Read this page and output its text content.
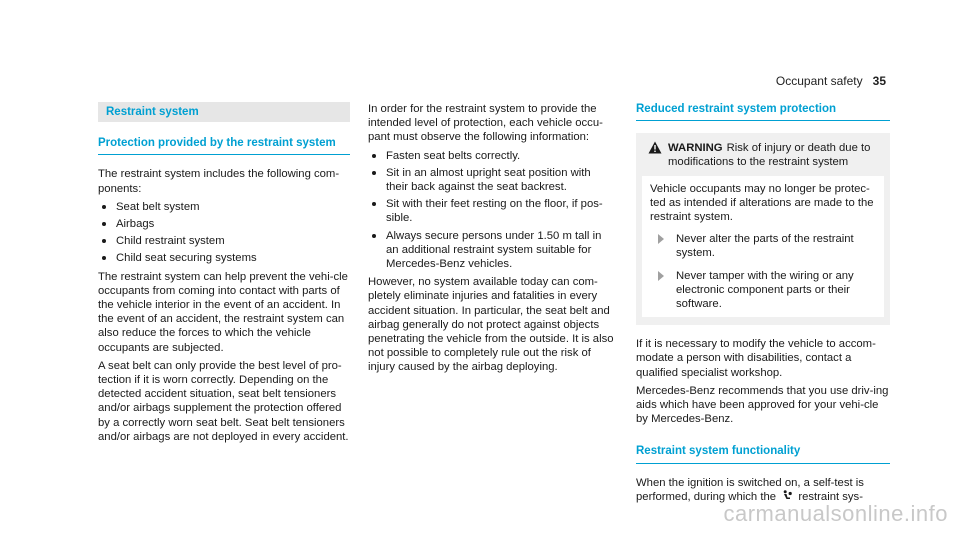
Occupant safety 35
Restraint system
Protection provided by the restraint system

The restraint system includes the following com-ponents:

Seat belt system
Airbags
Child restraint system
Child seat securing systems

The restraint system can help prevent the vehi-cle occupants from coming into contact with parts of the vehicle interior in the event of an accident. In the event of an accident, the restraint system can also reduce the forces to which the vehicle occupants are subjected.

A seat belt can only provide the best level of pro-tection if it is worn correctly. Depending on the detected accident situation, seat belt tensioners and/or airbags supplement the protection offered by a correctly worn seat belt. Seat belt tensioners and/or airbags are not deployed in every accident.

In order for the restraint system to provide the intended level of protection, each vehicle occu-pant must observe the following information:

Fasten seat belts correctly.
Sit in an almost upright seat position with their back against the seat backrest.
Sit with their feet resting on the floor, if pos-sible.
Always secure persons under 1.50 m tall in an additional restraint system suitable for Mercedes-Benz vehicles.

However, no system available today can com-pletely eliminate injuries and fatalities in every accident situation. In particular, the seat belt and airbag generally do not protect against objects penetrating the vehicle from the outside. It is also not possible to completely rule out the risk of injury caused by the airbag deploying.

Reduced restraint system protection
WARNING Risk of injury or death due to modifications to the restraint system

Vehicle occupants may no longer be protec-ted as intended if alterations are made to the restraint system.

Never alter the parts of the restraint system.
Never tamper with the wiring or any electronic component parts or their software.

If it is necessary to modify the vehicle to accom-modate a person with disabilities, contact a qualified specialist workshop.

Mercedes-Benz recommends that you use driv-ing aids which have been approved for your vehi-cle by Mercedes-Benz.

Restraint system functionality

When the ignition is switched on, a self-test is performed, during which the restraint sys-

carmanualsonline.info
